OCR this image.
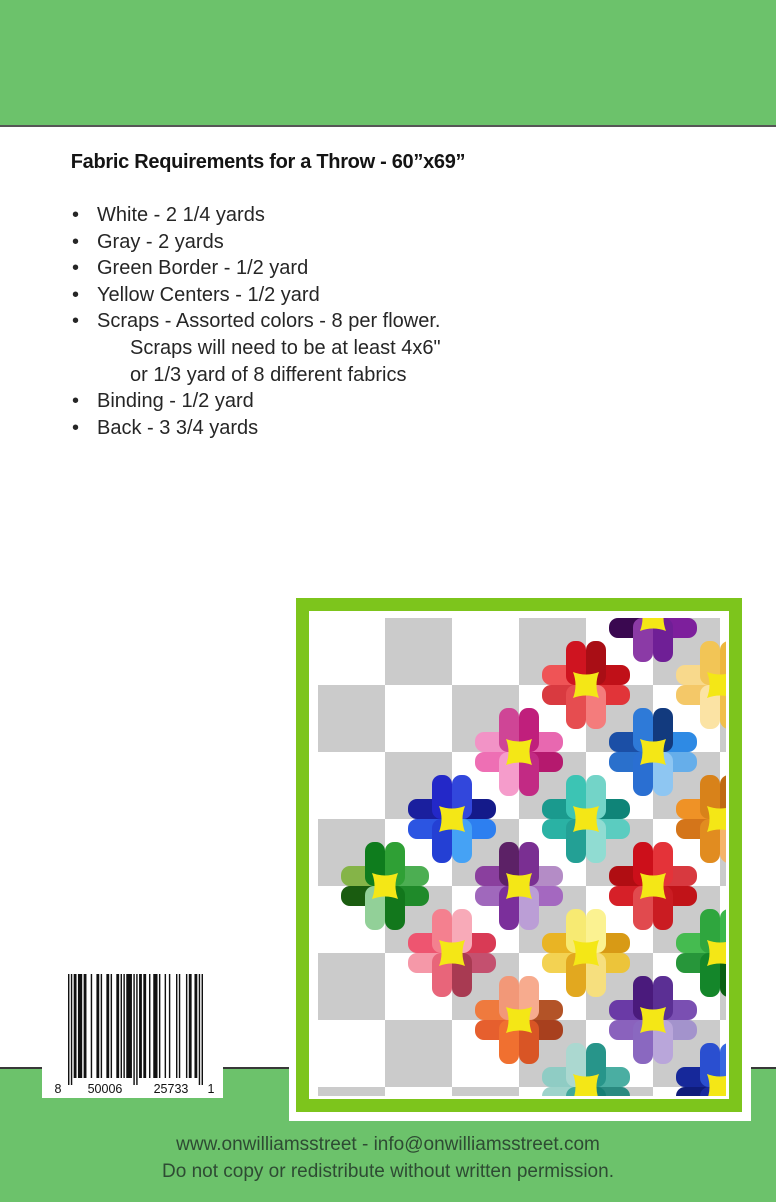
Fabric Requirements for a Throw - 60”x69”
• White - 2 1/4 yards
• Gray - 2 yards
• Green Border - 1/2 yard
• Yellow Centers - 1/2 yard
• Scraps - Assorted colors - 8 per flower.
Scraps will need to be at least 4x6"
or 1/3 yard of 8 different fabrics
• Binding - 1/2 yard
• Back - 3 3/4 yards
www.onwilliamsstreet - info@onwilliamsstreet.com
Do not copy or redistribute without written permission.
8 50006 25733 1
